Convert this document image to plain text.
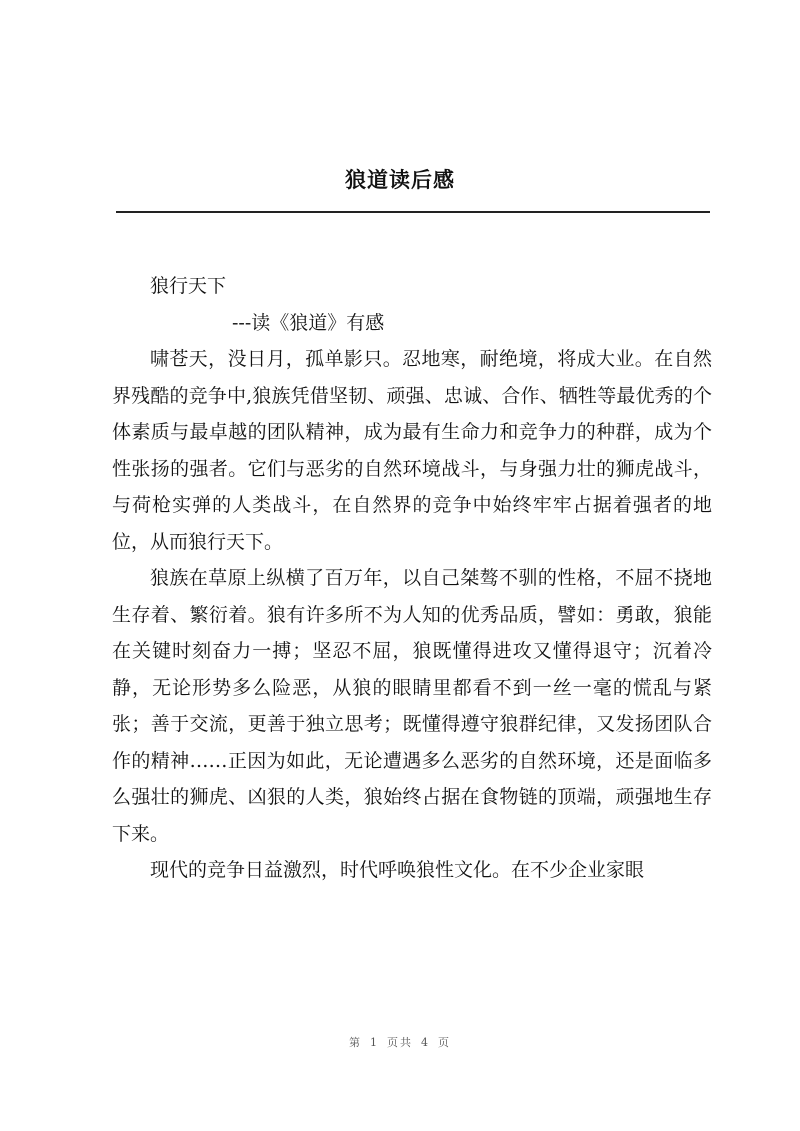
狼道读后感

狼行天下

---读《狼道》有感

啸苍天，没日月，孤单影只。忍地寒，耐绝境，将成大业。在自然界残酷的竞争中,狼族凭借坚韧、顽强、忠诚、合作、牺牲等最优秀的个体素质与最卓越的团队精神，成为最有生命力和竞争力的种群，成为个性张扬的强者。它们与恶劣的自然环境战斗，与身强力壮的狮虎战斗，与荷枪实弹的人类战斗，在自然界的竞争中始终牢牢占据着强者的地位，从而狼行天下。

狼族在草原上纵横了百万年，以自己桀骜不驯的性格，不屈不挠地生存着、繁衍着。狼有许多所不为人知的优秀品质，譬如：勇敢，狼能在关键时刻奋力一搏；坚忍不屈，狼既懂得进攻又懂得退守；沉着冷静，无论形势多么险恶，从狼的眼睛里都看不到一丝一毫的慌乱与紧张；善于交流，更善于独立思考；既懂得遵守狼群纪律，又发扬团队合作的精神……正因为如此，无论遭遇多么恶劣的自然环境，还是面临多么强壮的狮虎、凶狠的人类，狼始终占据在食物链的顶端，顽强地生存下来。

现代的竞争日益激烈，时代呼唤狼性文化。在不少企业家眼

第 1 页共 4 页
